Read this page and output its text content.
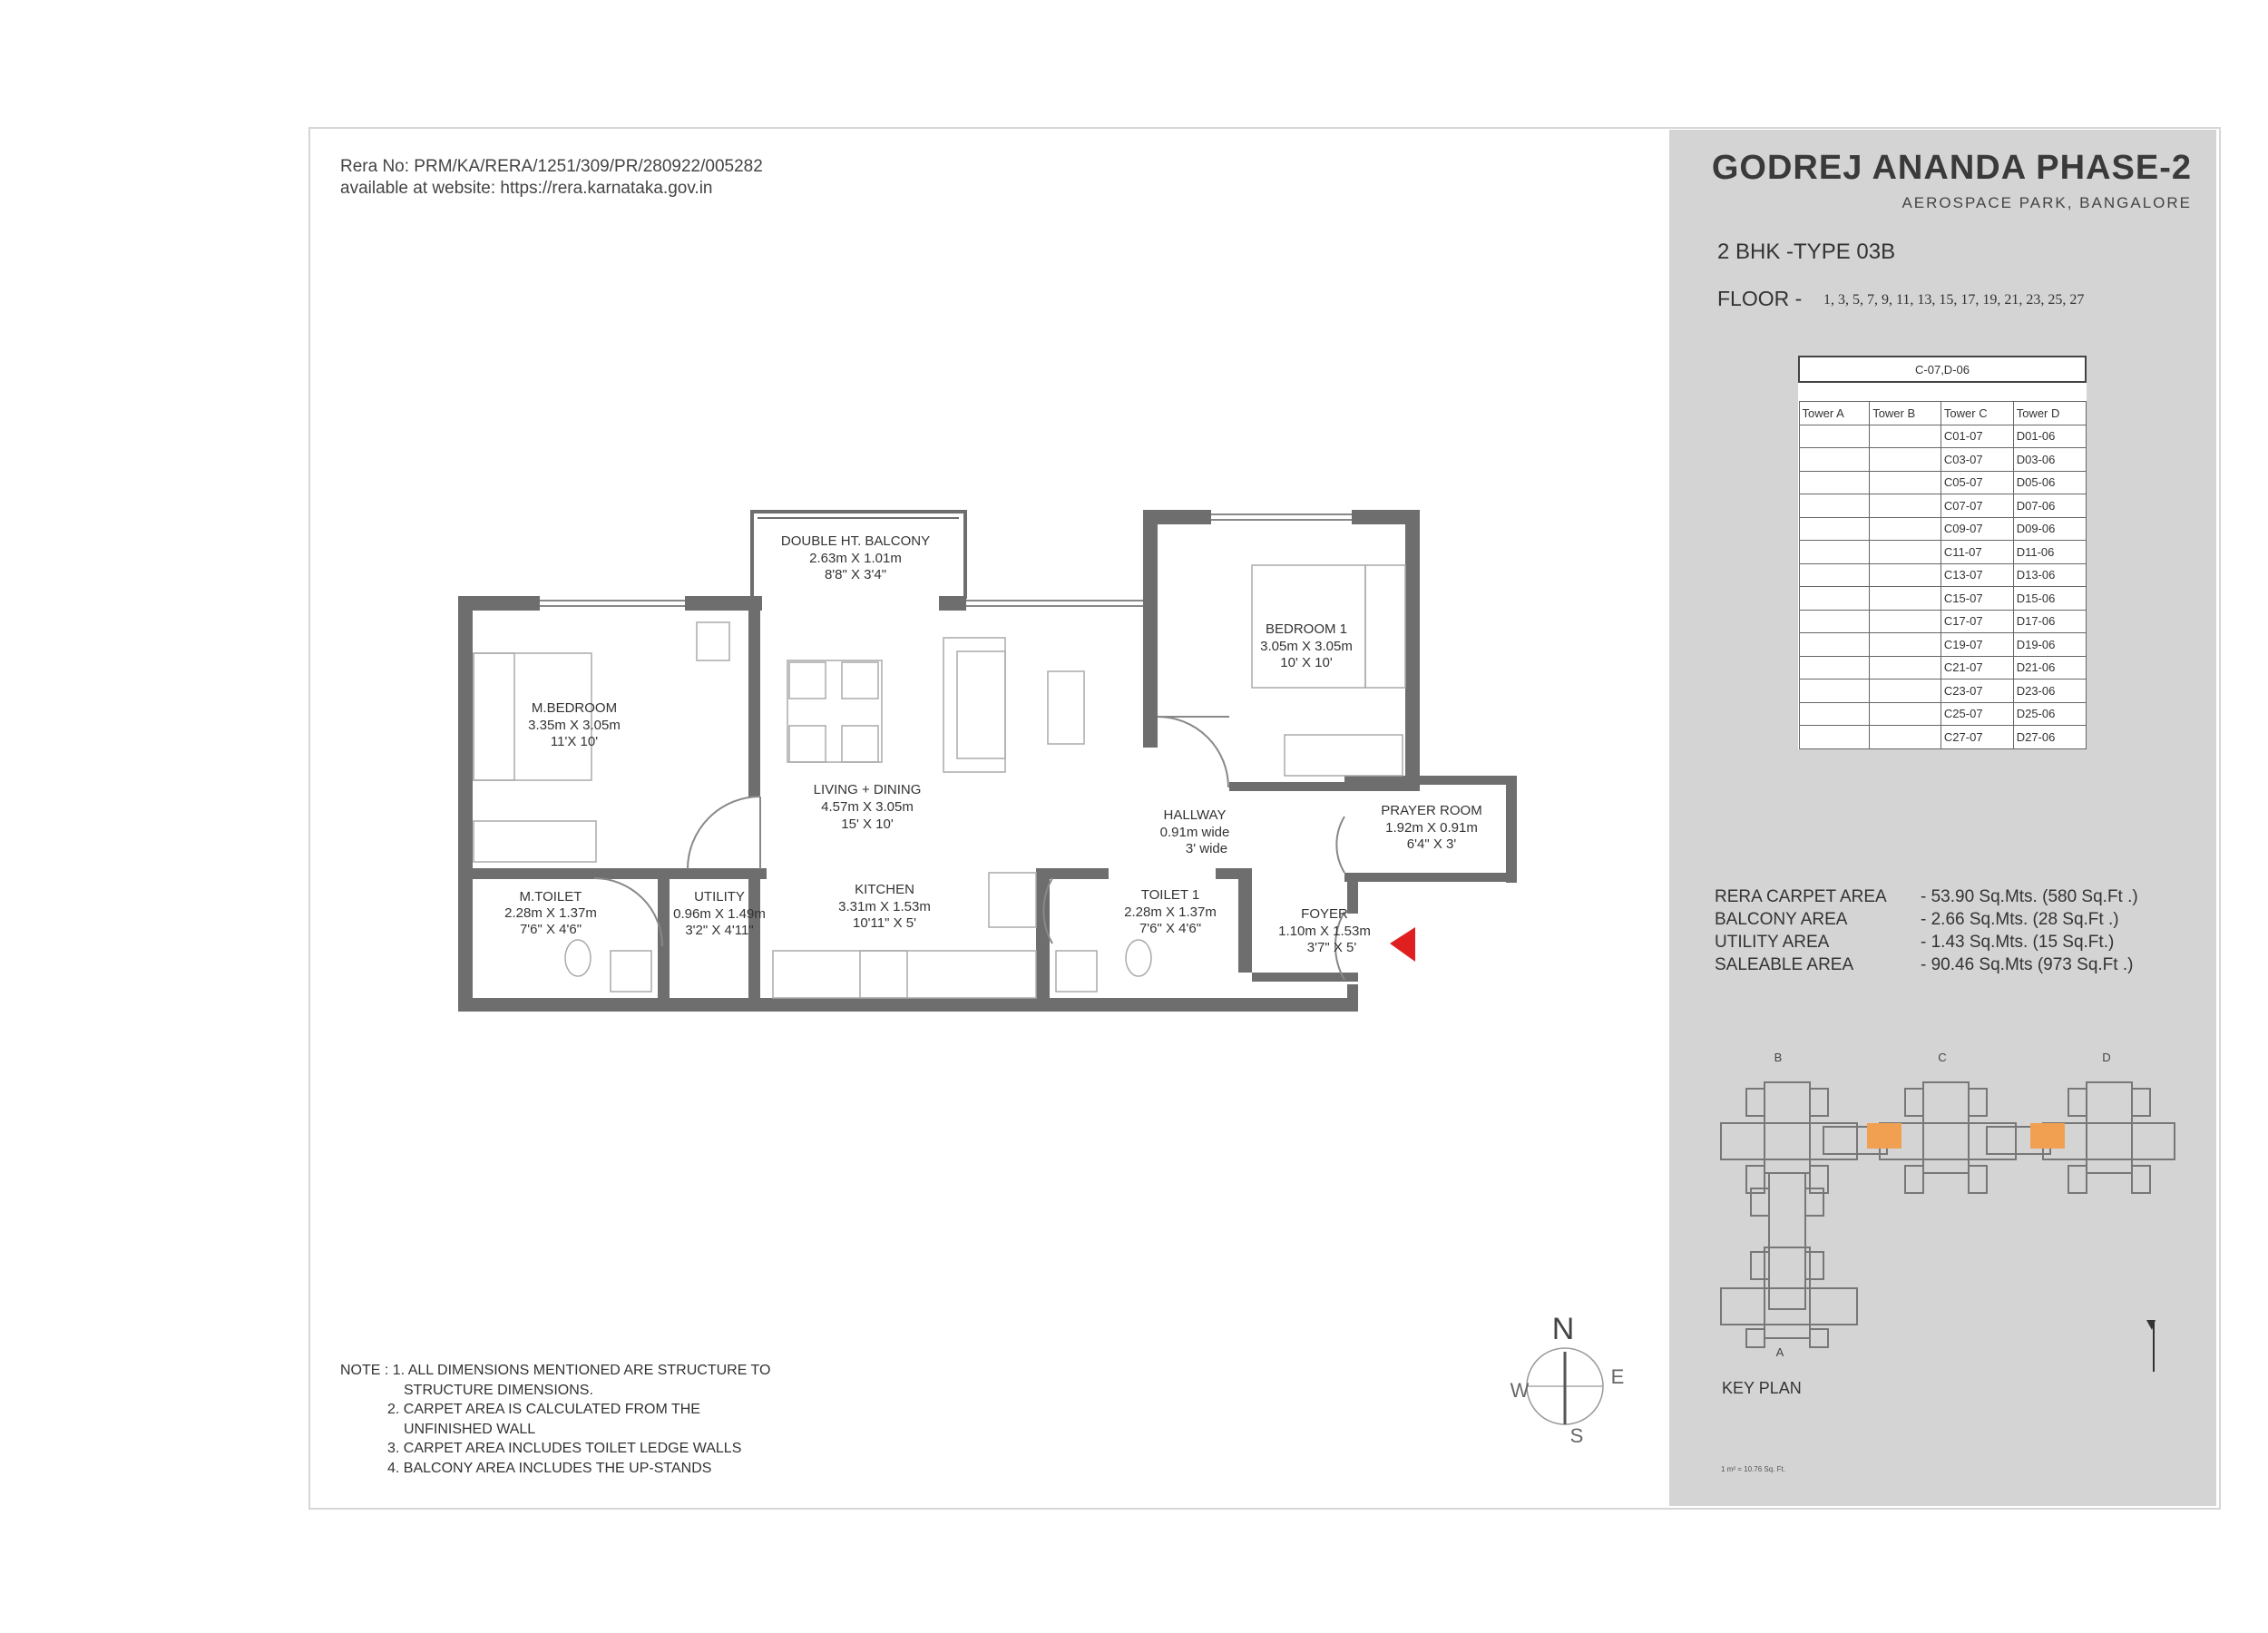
Rera No: PRM/KA/RERA/1251/309/PR/280922/005282
available at website: https://rera.karnataka.gov.in
GODREJ ANANDA PHASE-2
AEROSPACE PARK, BANGALORE
2 BHK -TYPE 03B
FLOOR - 1, 3, 5, 7, 9, 11, 13, 15, 17, 19, 21, 23, 25, 27
C-07,D-06			

Tower A	Tower B	Tower C	Tower D
		C01-07	D01-06
		C03-07	D03-06
		C05-07	D05-06
		C07-07	D07-06
		C09-07	D09-06
		C11-07	D11-06
		C13-07	D13-06
		C15-07	D15-06
		C17-07	D17-06
		C19-07	D19-06
		C21-07	D21-06
		C23-07	D23-06
		C25-07	D25-06
		C27-07	D27-06
RERA CARPET AREA	- 53.90 Sq.Mts. (580 Sq.Ft .)
BALCONY AREA	- 2.66 Sq.Mts. (28 Sq.Ft .)
UTILITY AREA	- 1.43 Sq.Mts. (15 Sq.Ft.)
SALEABLE AREA	- 90.46 Sq.Mts (973 Sq.Ft .)
NOTE : 1. ALL DIMENSIONS MENTIONED ARE STRUCTURE TO
STRUCTURE DIMENSIONS.
2. CARPET AREA IS CALCULATED FROM THE
UNFINISHED WALL
3. CARPET AREA INCLUDES TOILET LEDGE WALLS
4. BALCONY AREA INCLUDES THE UP-STANDS
KEY PLAN
1 m² = 10.76 Sq. Ft.
DOUBLE HT. BALCONY
2.63m X 1.01m
8'8" X 3'4"
BEDROOM 1
3.05m X 3.05m
10' X 10'
M.BEDROOM
3.35m X 3.05m
11'X 10'
LIVING + DINING
4.57m X 3.05m
15' X 10'
HALLWAY
0.91m wide
3' wide
PRAYER ROOM
1.92m X 0.91m
6'4" X 3'
M.TOILET
2.28m X 1.37m
7'6" X 4'6"
UTILITY
0.96m X 1.49m
3'2" X 4'11"
KITCHEN
3.31m X 1.53m
10'11" X 5'
TOILET 1
2.28m X 1.37m
7'6" X 4'6"
FOYER
1.10m X 1.53m
3'7" X 5'
N
S
E
W
B	C	D
A
